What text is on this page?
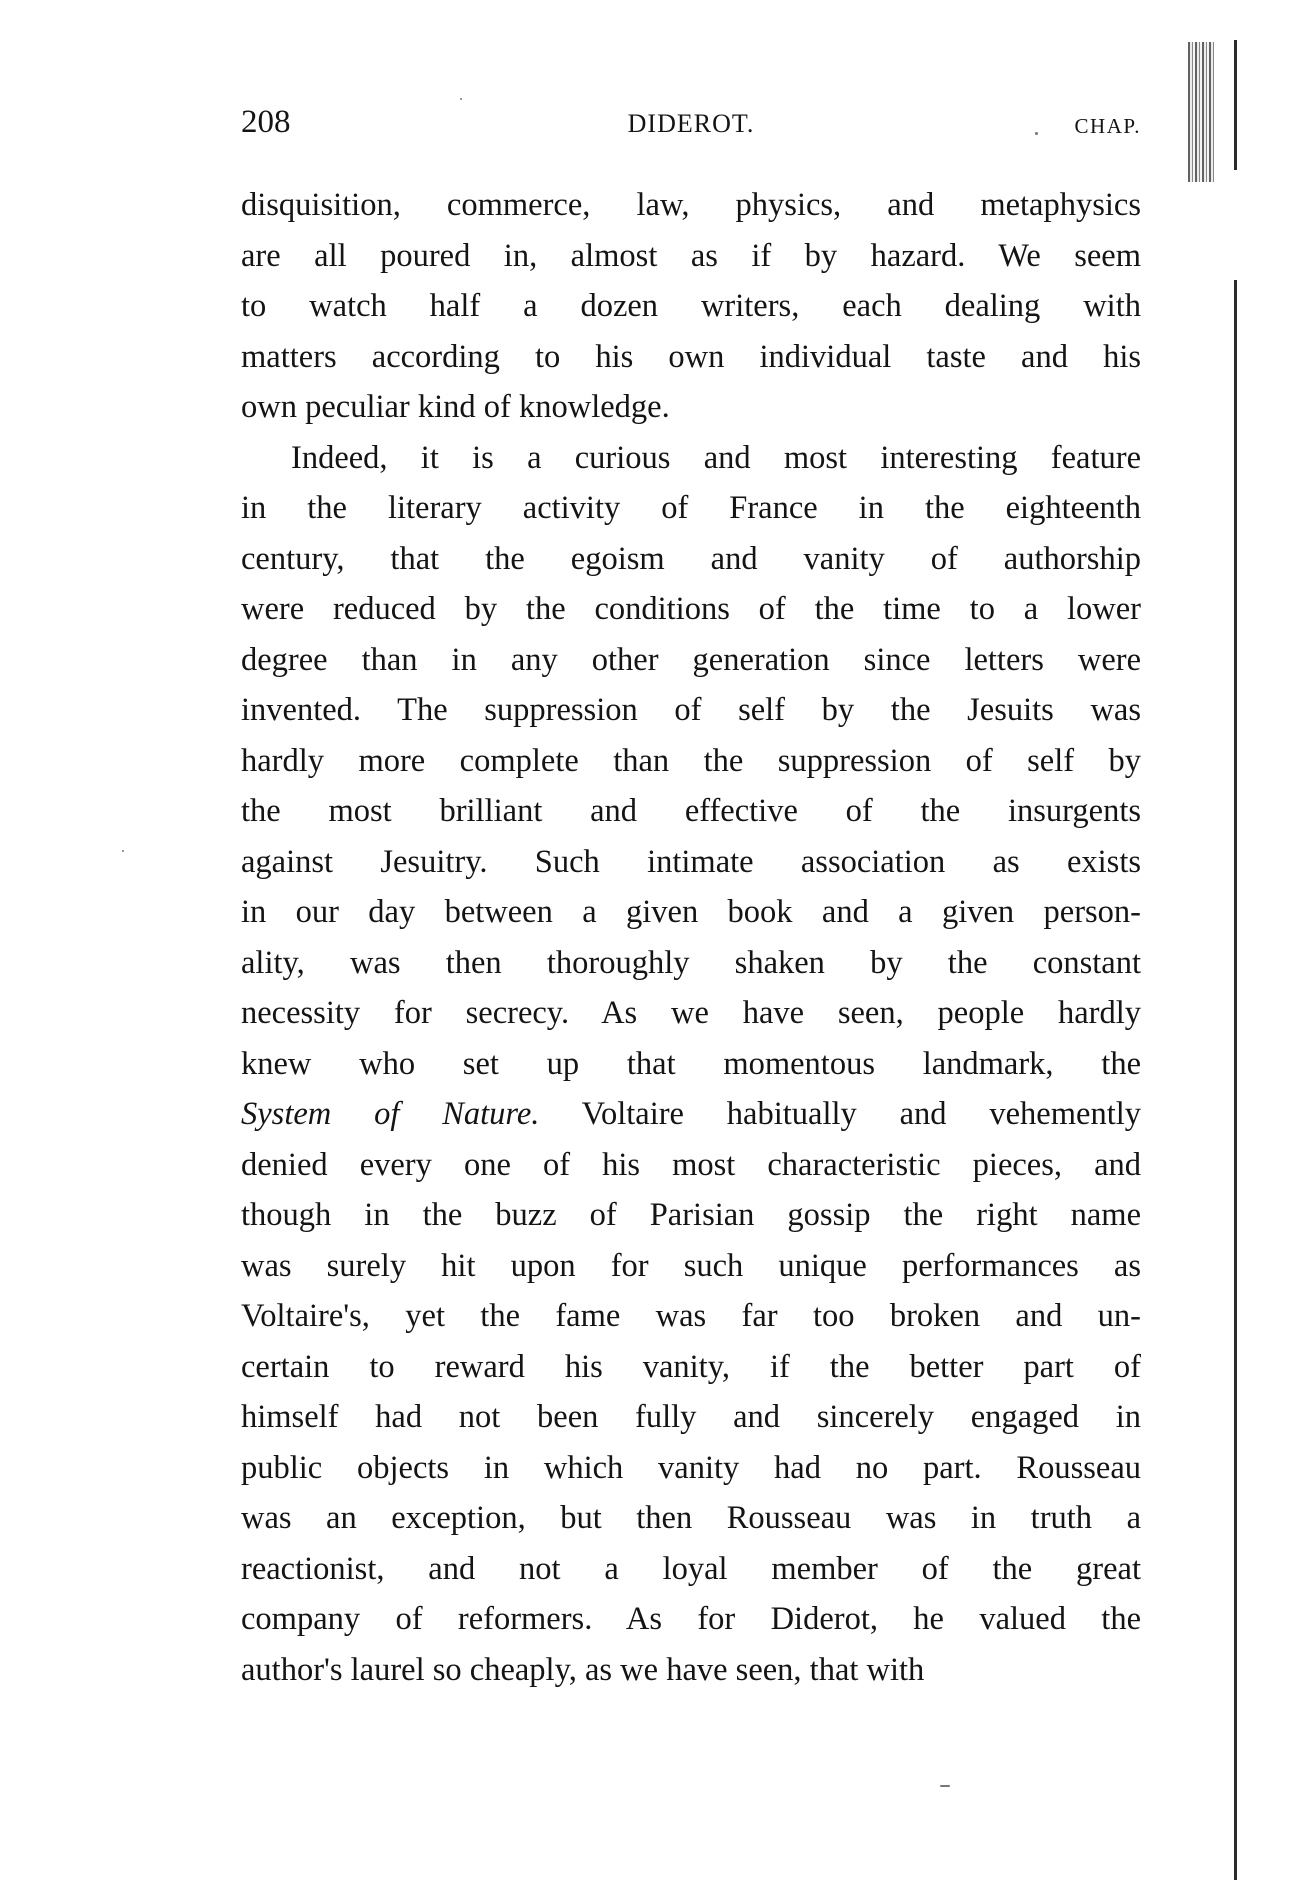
208	DIDEROT.	CHAP.
disquisition, commerce, law, physics, and metaphysics
are all poured in, almost as if by hazard. We seem
to watch half a dozen writers, each dealing with
matters according to his own individual taste and his
own peculiar kind of knowledge.
Indeed, it is a curious and most interesting feature
in the literary activity of France in the eighteenth
century, that the egoism and vanity of authorship
were reduced by the conditions of the time to a lower
degree than in any other generation since letters were
invented. The suppression of self by the Jesuits was
hardly more complete than the suppression of self by
the most brilliant and effective of the insurgents
against Jesuitry. Such intimate association as exists
in our day between a given book and a given person-
ality, was then thoroughly shaken by the constant
necessity for secrecy. As we have seen, people hardly
knew who set up that momentous landmark, the
System of Nature. Voltaire habitually and vehemently
denied every one of his most characteristic pieces, and
though in the buzz of Parisian gossip the right name
was surely hit upon for such unique performances as
Voltaire's, yet the fame was far too broken and un-
certain to reward his vanity, if the better part of
himself had not been fully and sincerely engaged in
public objects in which vanity had no part. Rousseau
was an exception, but then Rousseau was in truth a
reactionist, and not a loyal member of the great
company of reformers. As for Diderot, he valued the
author's laurel so cheaply, as we have seen, that with
